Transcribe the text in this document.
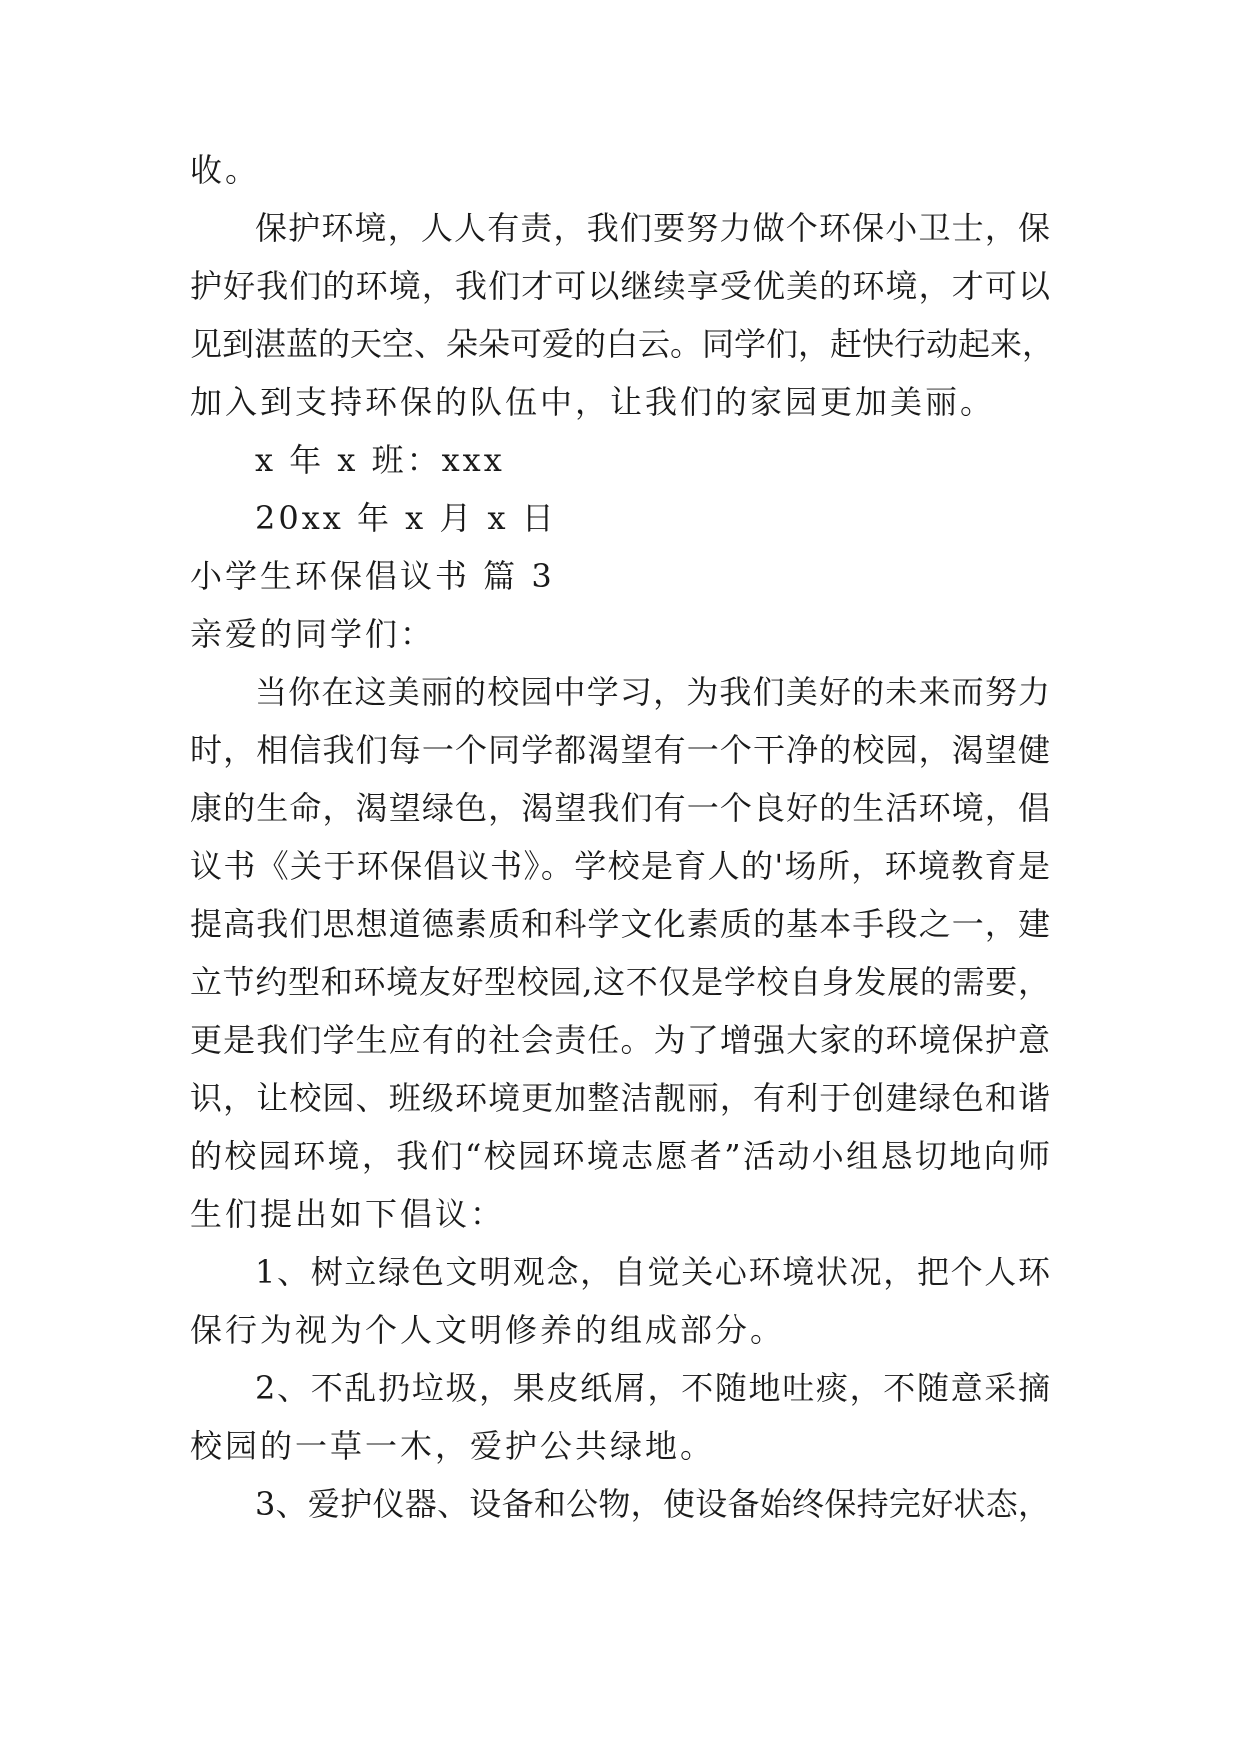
收。
保护环境，人人有责，我们要努力做个环保小卫士，保
护好我们的环境，我们才可以继续享受优美的环境，才可以
见到湛蓝的天空、朵朵可爱的白云。同学们，赶快行动起来，
加入到支持环保的队伍中，让我们的家园更加美丽。
x 年 x 班：xxx
20xx 年 x 月 x 日
小学生环保倡议书 篇 3
亲爱的同学们：
当你在这美丽的校园中学习，为我们美好的未来而努力
时，相信我们每一个同学都渴望有一个干净的校园，渴望健
康的生命，渴望绿色，渴望我们有一个良好的生活环境，倡
议书《关于环保倡议书》。学校是育人的'场所，环境教育是
提高我们思想道德素质和科学文化素质的基本手段之一，建
立节约型和环境友好型校园,这不仅是学校自身发展的需要，
更是我们学生应有的社会责任。为了增强大家的环境保护意
识，让校园、班级环境更加整洁靓丽，有利于创建绿色和谐
的校园环境，我们“校园环境志愿者”活动小组恳切地向师
生们提出如下倡议：
1、树立绿色文明观念，自觉关心环境状况，把个人环
保行为视为个人文明修养的组成部分。
2、不乱扔垃圾，果皮纸屑，不随地吐痰，不随意采摘
校园的一草一木，爱护公共绿地。
3、爱护仪器、设备和公物，使设备始终保持完好状态，
